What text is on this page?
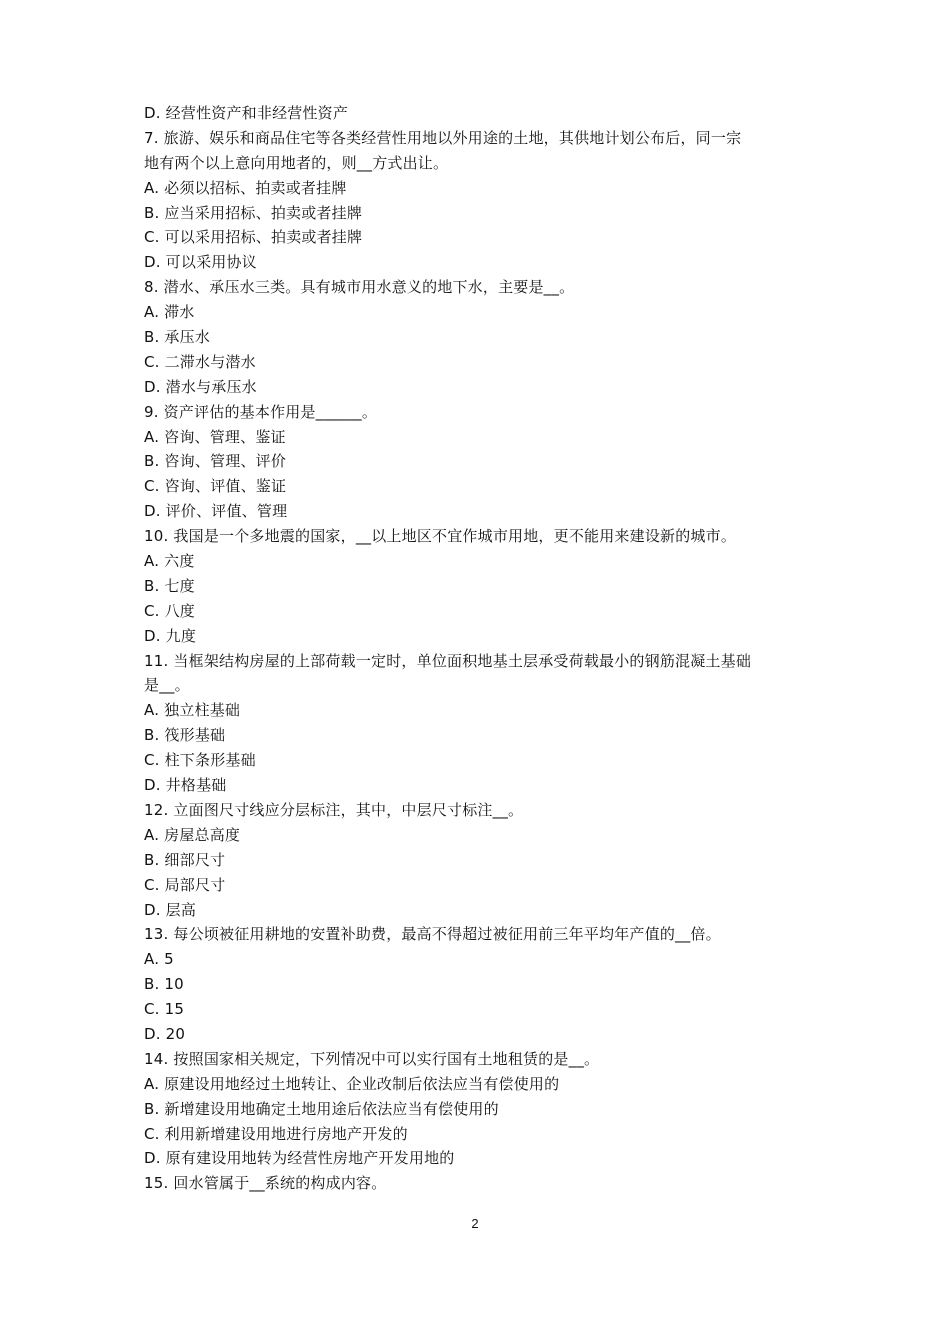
D. 经营性资产和非经营性资产
7. 旅游、娱乐和商品住宅等各类经营性用地以外用途的土地，其供地计划公布后，同一宗
地有两个以上意向用地者的，则__方式出让。
A. 必须以招标、拍卖或者挂牌
B. 应当采用招标、拍卖或者挂牌
C. 可以采用招标、拍卖或者挂牌
D. 可以采用协议
8. 潜水、承压水三类。具有城市用水意义的地下水，主要是__。
A. 滞水
B. 承压水
C. 二滞水与潜水
D. 潜水与承压水
9. 资产评估的基本作用是______。
A. 咨询、管理、鉴证
B. 咨询、管理、评价
C. 咨询、评值、鉴证
D. 评价、评值、管理
10. 我国是一个多地震的国家，__以上地区不宜作城市用地，更不能用来建设新的城市。
A. 六度
B. 七度
C. 八度
D. 九度
11. 当框架结构房屋的上部荷载一定时，单位面积地基土层承受荷载最小的钢筋混凝土基础
是__。
A. 独立柱基础
B. 筏形基础
C. 柱下条形基础
D. 井格基础
12. 立面图尺寸线应分层标注，其中，中层尺寸标注__。
A. 房屋总高度
B. 细部尺寸
C. 局部尺寸
D. 层高
13. 每公顷被征用耕地的安置补助费，最高不得超过被征用前三年平均年产值的__倍。
A. 5
B. 10
C. 15
D. 20
14. 按照国家相关规定，下列情况中可以实行国有土地租赁的是__。
A. 原建设用地经过土地转让、企业改制后依法应当有偿使用的
B. 新增建设用地确定土地用途后依法应当有偿使用的
C. 利用新增建设用地进行房地产开发的
D. 原有建设用地转为经营性房地产开发用地的
15. 回水管属于__系统的构成内容。
2
